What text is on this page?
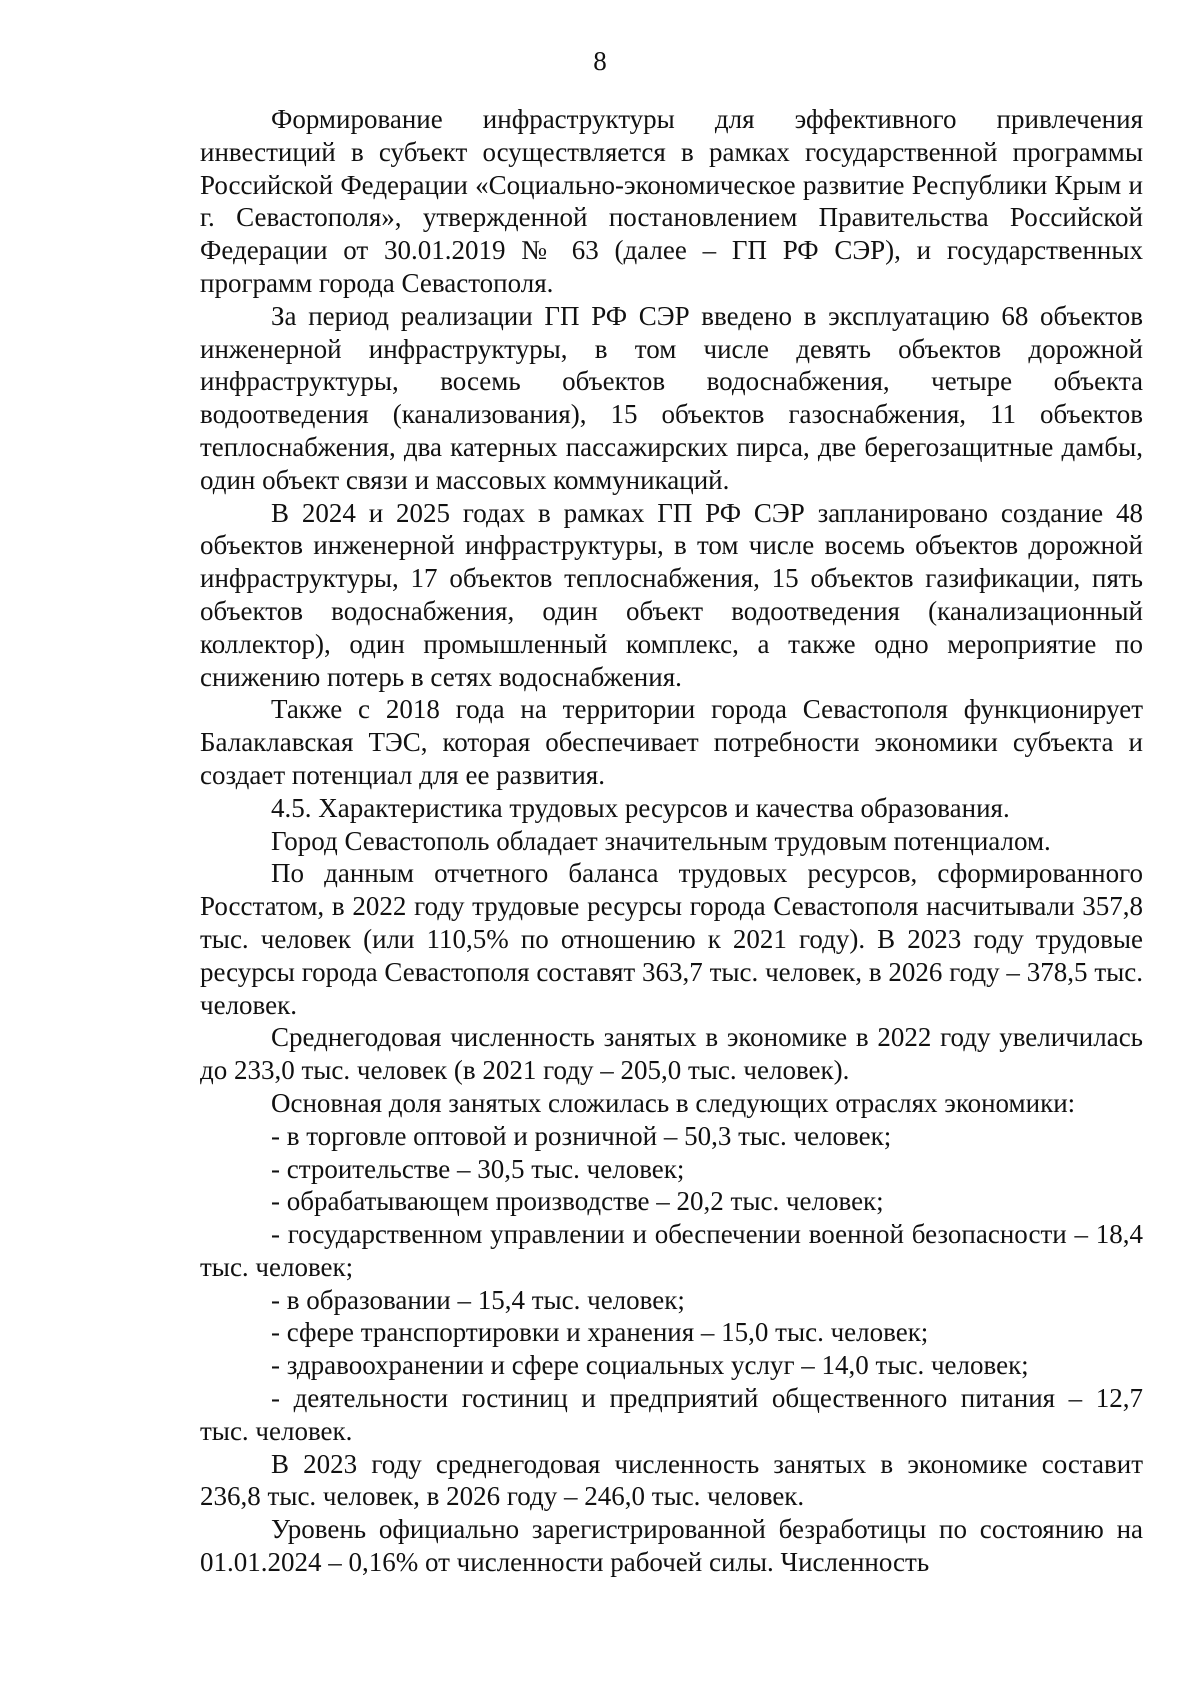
8

Формирование инфраструктуры для эффективного привлечения инвестиций в субъект осуществляется в рамках государственной программы Российской Федерации «Социально-экономическое развитие Республики Крым и г. Севастополя», утвержденной постановлением Правительства Российской Федерации от 30.01.2019 № 63 (далее – ГП РФ СЭР), и государственных программ города Севастополя.

За период реализации ГП РФ СЭР введено в эксплуатацию 68 объектов инженерной инфраструктуры, в том числе девять объектов дорожной инфраструктуры, восемь объектов водоснабжения, четыре объекта водоотведения (канализования), 15 объектов газоснабжения, 11 объектов теплоснабжения, два катерных пассажирских пирса, две берегозащитные дамбы, один объект связи и массовых коммуникаций.

В 2024 и 2025 годах в рамках ГП РФ СЭР запланировано создание 48 объектов инженерной инфраструктуры, в том числе восемь объектов дорожной инфраструктуры, 17 объектов теплоснабжения, 15 объектов газификации, пять объектов водоснабжения, один объект водоотведения (канализационный коллектор), один промышленный комплекс, а также одно мероприятие по снижению потерь в сетях водоснабжения.

Также с 2018 года на территории города Севастополя функционирует Балаклавская ТЭС, которая обеспечивает потребности экономики субъекта и создает потенциал для ее развития.

4.5. Характеристика трудовых ресурсов и качества образования.

Город Севастополь обладает значительным трудовым потенциалом.

По данным отчетного баланса трудовых ресурсов, сформированного Росстатом, в 2022 году трудовые ресурсы города Севастополя насчитывали 357,8 тыс. человек (или 110,5% по отношению к 2021 году). В 2023 году трудовые ресурсы города Севастополя составят 363,7 тыс. человек, в 2026 году – 378,5 тыс. человек.

Среднегодовая численность занятых в экономике в 2022 году увеличилась до 233,0 тыс. человек (в 2021 году – 205,0 тыс. человек).

Основная доля занятых сложилась в следующих отраслях экономики:

- в торговле оптовой и розничной – 50,3 тыс. человек;

- строительстве – 30,5 тыс. человек;

- обрабатывающем производстве – 20,2 тыс. человек;

- государственном управлении и обеспечении военной безопасности – 18,4 тыс. человек;

- в образовании – 15,4 тыс. человек;

- сфере транспортировки и хранения – 15,0 тыс. человек;

- здравоохранении и сфере социальных услуг – 14,0 тыс. человек;

- деятельности гостиниц и предприятий общественного питания – 12,7 тыс. человек.

В 2023 году среднегодовая численность занятых в экономике составит 236,8 тыс. человек, в 2026 году – 246,0 тыс. человек.

Уровень официально зарегистрированной безработицы по состоянию на 01.01.2024 – 0,16% от численности рабочей силы. Численность
